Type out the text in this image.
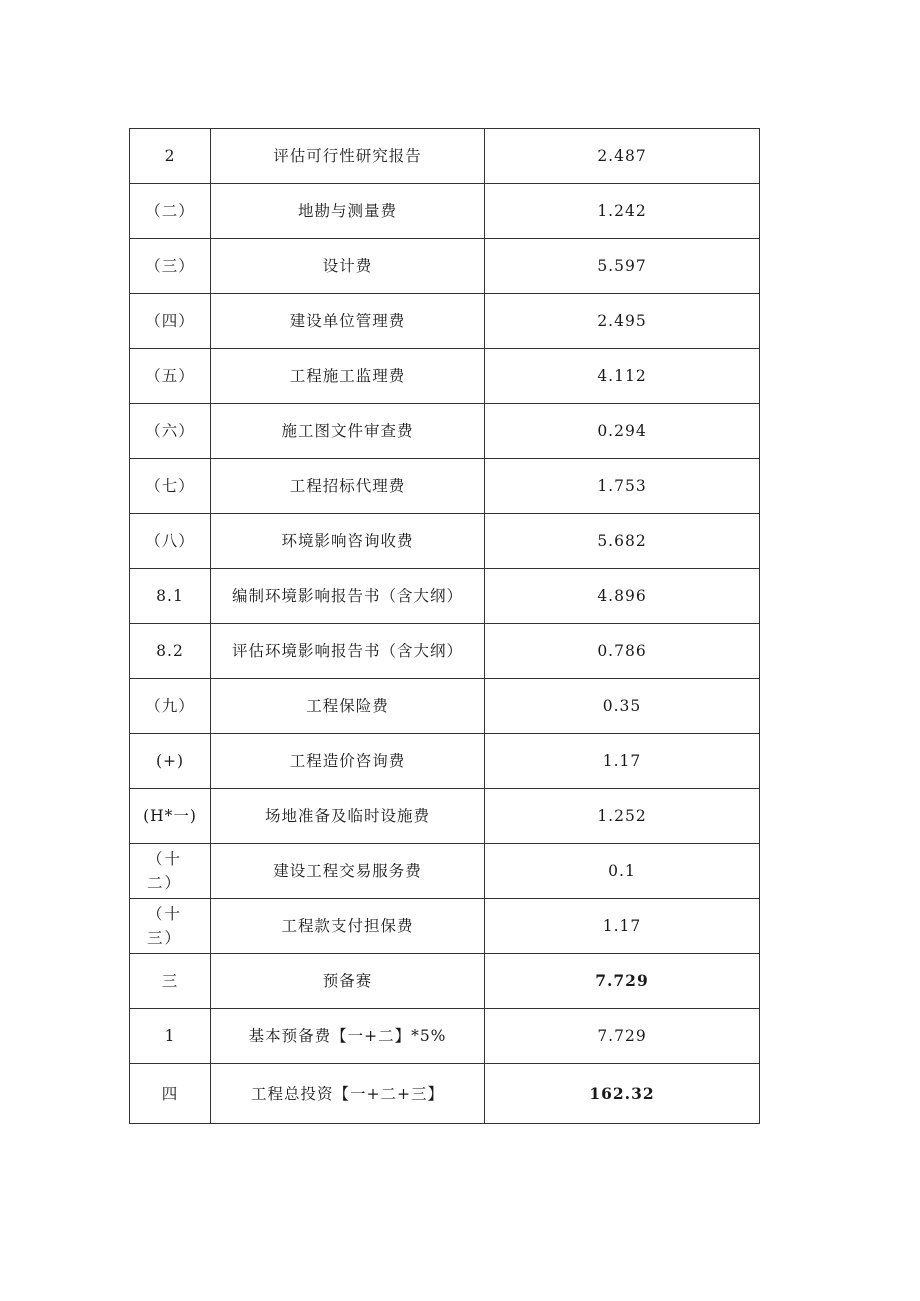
2	评估可行性研究报告	2.487
（二）	地勘与测量费	1.242
（三）	设计费	5.597
（四）	建设单位管理费	2.495
（五）	工程施工监理费	4.112
（六）	施工图文件审查费	0.294
（七）	工程招标代理费	1.753
（八）	环境影响咨询收费	5.682
8.1	编制环境影响报告书（含大纲）	4.896
8.2	评估环境影响报告书（含大纲）	0.786
（九）	工程保险费	0.35
(+)	工程造价咨询费	1.17
(H*一)	场地准备及临时设施费	1.252
（十二）	建设工程交易服务费	0.1
（十三）	工程款支付担保费	1.17
三	预备赛	7.729
1	基本预备费【一+二】*5%	7.729
四	工程总投资【一+二+三】	162.32
